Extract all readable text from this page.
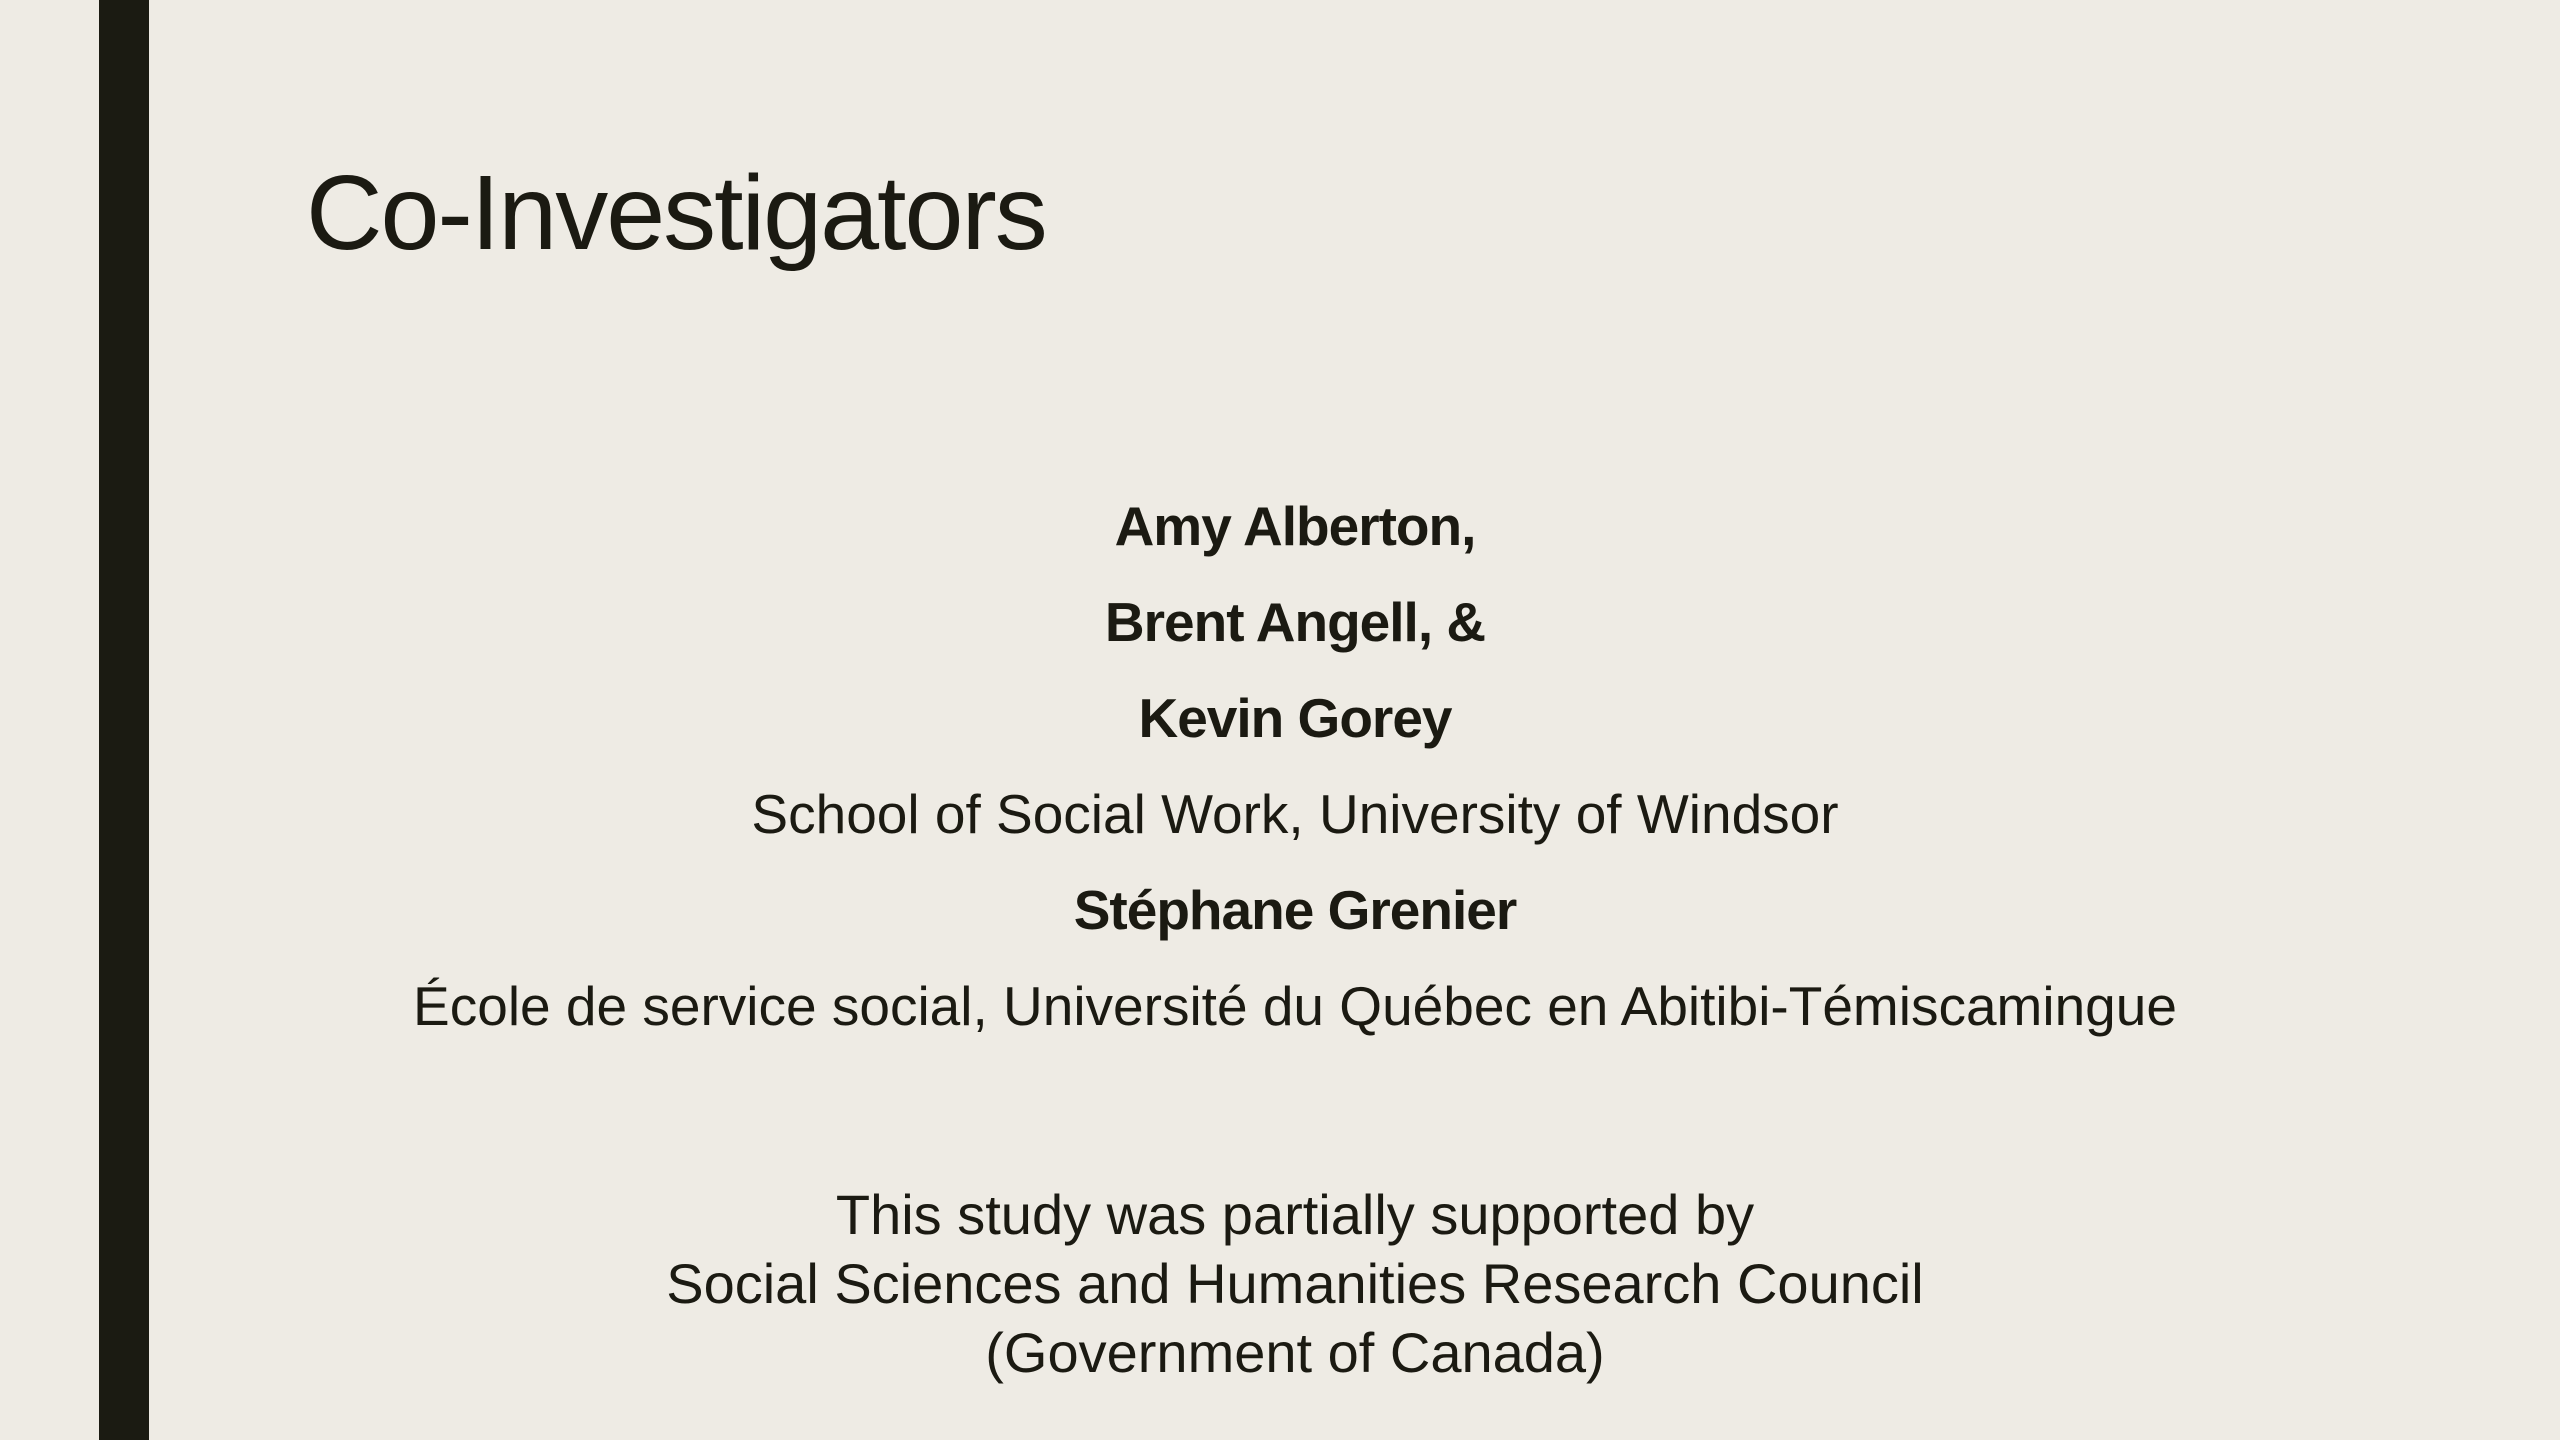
Co-Investigators
Amy Alberton,
Brent Angell, &
Kevin Gorey
School of Social Work, University of Windsor
Stéphane Grenier
École de service social, Université du Québec en Abitibi-Témiscamingue
This study was partially supported by
Social Sciences and Humanities Research Council
(Government of Canada)
